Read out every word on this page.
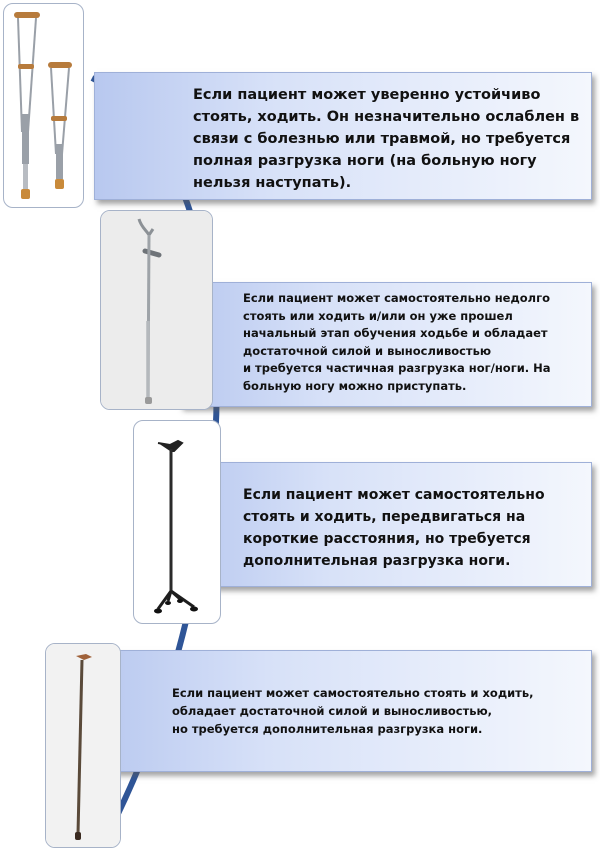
Если пациент может уверенно устойчиво
стоять, ходить. Он незначительно ослаблен в
связи с болезнью или травмой, но требуется
полная разгрузка ноги (на больную ногу
нельзя наступать).
Если пациент может самостоятельно недолго
стоять или ходить и/или он уже прошел
начальный этап обучения ходьбе и обладает
достаточной силой и выносливостью
и требуется частичная разгрузка ног/ноги. На
больную ногу можно приступать.
Если пациент может самостоятельно
стоять и ходить, передвигаться на
короткие расстояния, но требуется
дополнительная разгрузка ноги.
Если пациент может самостоятельно стоять и ходить,
обладает достаточной силой и выносливостью,
но требуется дополнительная разгрузка ноги.
